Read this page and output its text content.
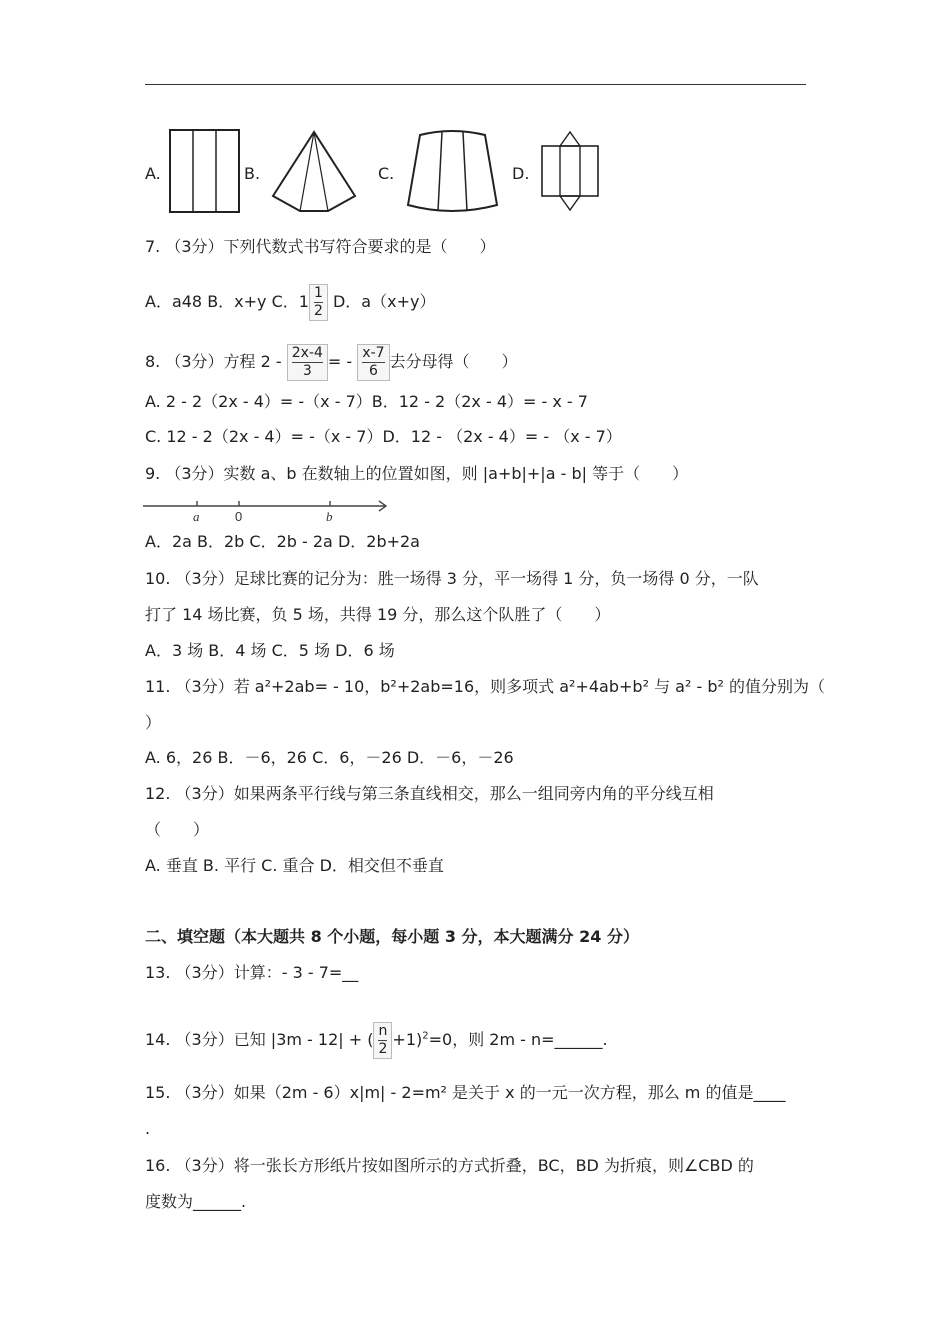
A.	B.	C.	D.
7. （3分）下列代数式书写符合要求的是（　　）
A．a48 B．x+y C．$1 \frac{1}{2}$ D．a（x+y）
8. （3分）方程 $2 - \frac{2x-4}{3}$ = - $\frac{x-7}{6}$ 去分母得（　　）
A. 2 - 2（2x - 4）= -（x - 7）B．12 - 2（2x - 4）= - x - 7
C. 12 - 2（2x - 4）= -（x - 7）D．12 - （2x - 4）= - （x - 7）
9. （3分）实数 a、b 在数轴上的位置如图，则 |a+b|+|a - b| 等于（　　）
a	0	b
A．2a B．2b C．2b - 2a D．2b+2a
10. （3分）足球比赛的记分为：胜一场得 3 分，平一场得 1 分，负一场得 0 分，一队
打了 14 场比赛，负 5 场，共得 19 分，那么这个队胜了（　　）
A．3 场 B．4 场 C．5 场 D．6 场
11. （3分）若 a²+2ab= - 10，b²+2ab=16，则多项式 a²+4ab+b² 与 a² - b² 的值分别为（
）
A. 6，26 B．－6，26 C．6，－26 D．－6，－26
12. （3分）如果两条平行线与第三条直线相交，那么一组同旁内角的平分线互相
（　　）
A. 垂直 B. 平行 C. 重合 D．相交但不垂直
二、填空题（本大题共 8 个小题，每小题 3 分，本大题满分 24 分）
13. （3分）计算：- 3 - 7=__
14. （3分）已知 |3m - 12| + ( $\frac{n}{2} +1)^2=0$，则 2m - n=______.
15. （3分）如果（2m - 6）x|m| - 2=m² 是关于 x 的一元一次方程，那么 m 的值是____
.
16. （3分）将一张长方形纸片按如图所示的方式折叠，BC，BD 为折痕，则∠CBD 的
度数为______.
